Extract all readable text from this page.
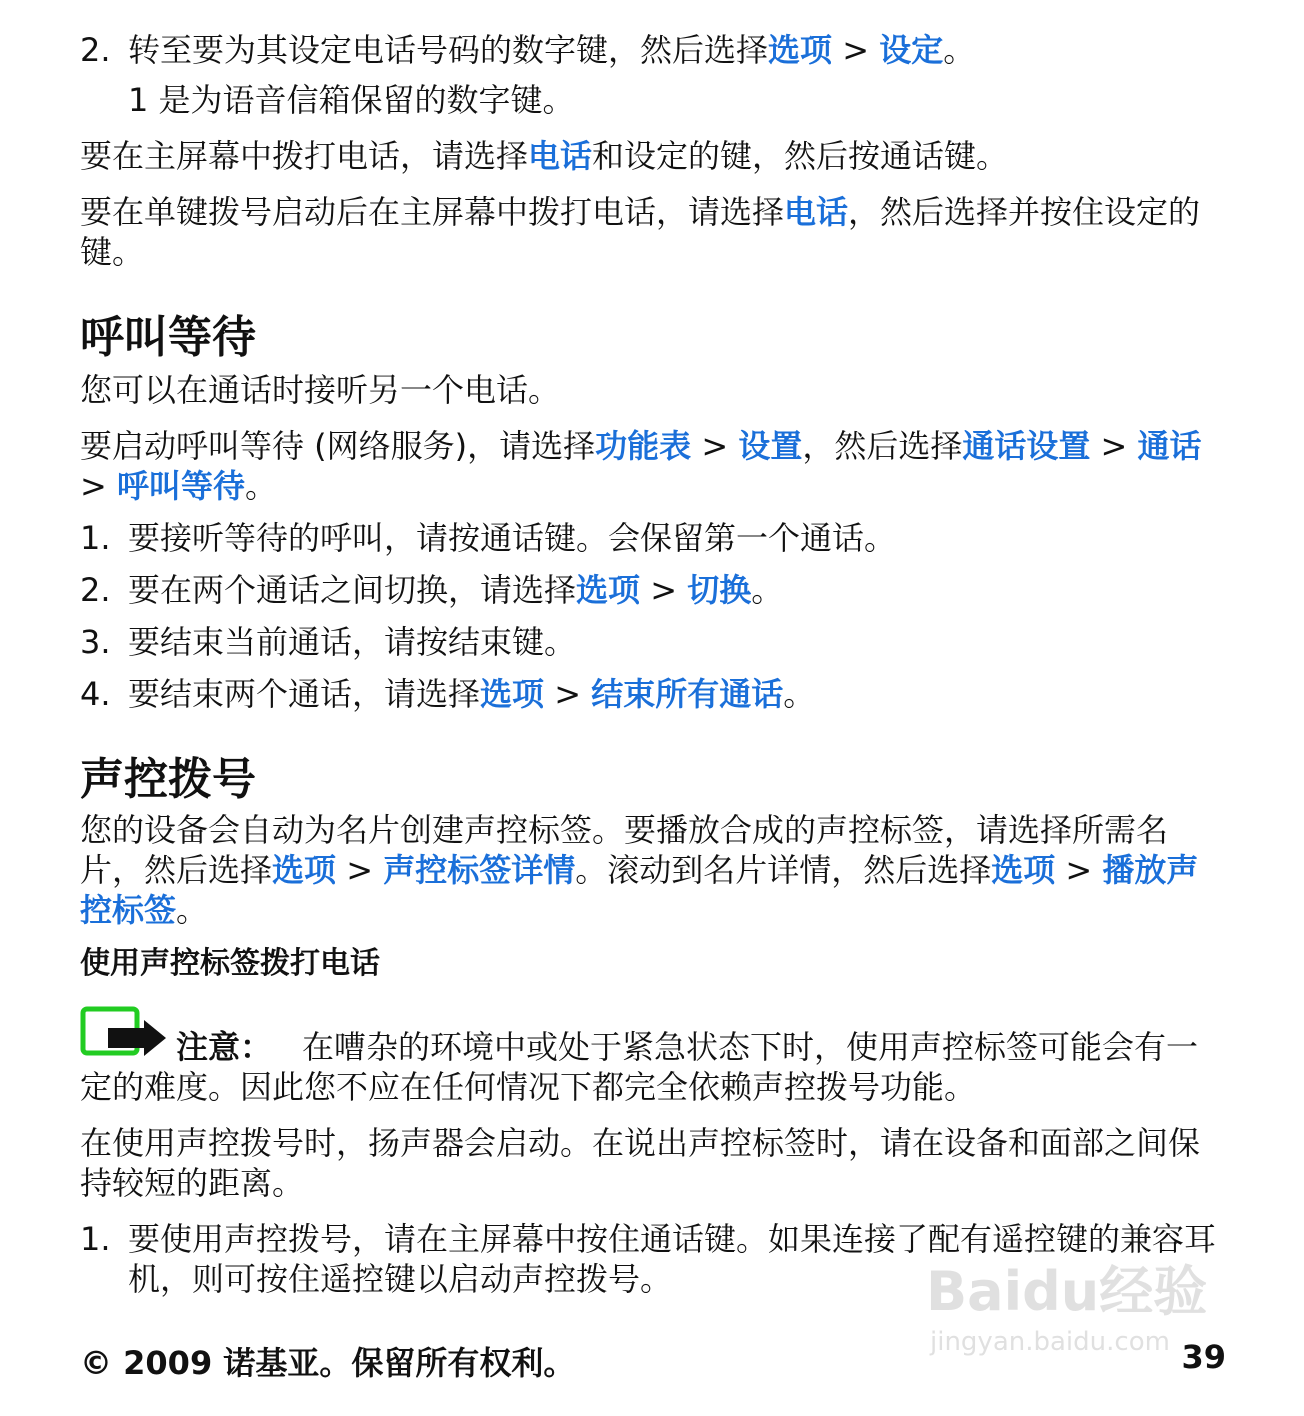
2. 转至要为其设定电话号码的数字键，然后选择选项 > 设定。
1 是为语音信箱保留的数字键。
要在主屏幕中拨打电话，请选择电话和设定的键，然后按通话键。
要在单键拨号启动后在主屏幕中拨打电话，请选择电话，然后选择并按住设定的键。
呼叫等待
您可以在通话时接听另一个电话。
要启动呼叫等待 (网络服务)，请选择功能表 > 设置，然后选择通话设置 > 通话 > 呼叫等待。
1. 要接听等待的呼叫，请按通话键。会保留第一个通话。
2. 要在两个通话之间切换，请选择选项 > 切换。
3. 要结束当前通话，请按结束键。
4. 要结束两个通话，请选择选项 > 结束所有通话。
声控拨号
您的设备会自动为名片创建声控标签。要播放合成的声控标签，请选择所需名片，然后选择选项 > 声控标签详情。滚动到名片详情，然后选择选项 > 播放声控标签。
使用声控标签拨打电话
注意： 在嘈杂的环境中或处于紧急状态下时，使用声控标签可能会有一定的难度。因此您不应在任何情况下都完全依赖声控拨号功能。
在使用声控拨号时，扬声器会启动。在说出声控标签时，请在设备和面部之间保持较短的距离。
1. 要使用声控拨号，请在主屏幕中按住通话键。如果连接了配有遥控键的兼容耳机，则可按住遥控键以启动声控拨号。	Baidu经验
jingyan.baidu.com
© 2009 诺基亚。保留所有权利。	39
